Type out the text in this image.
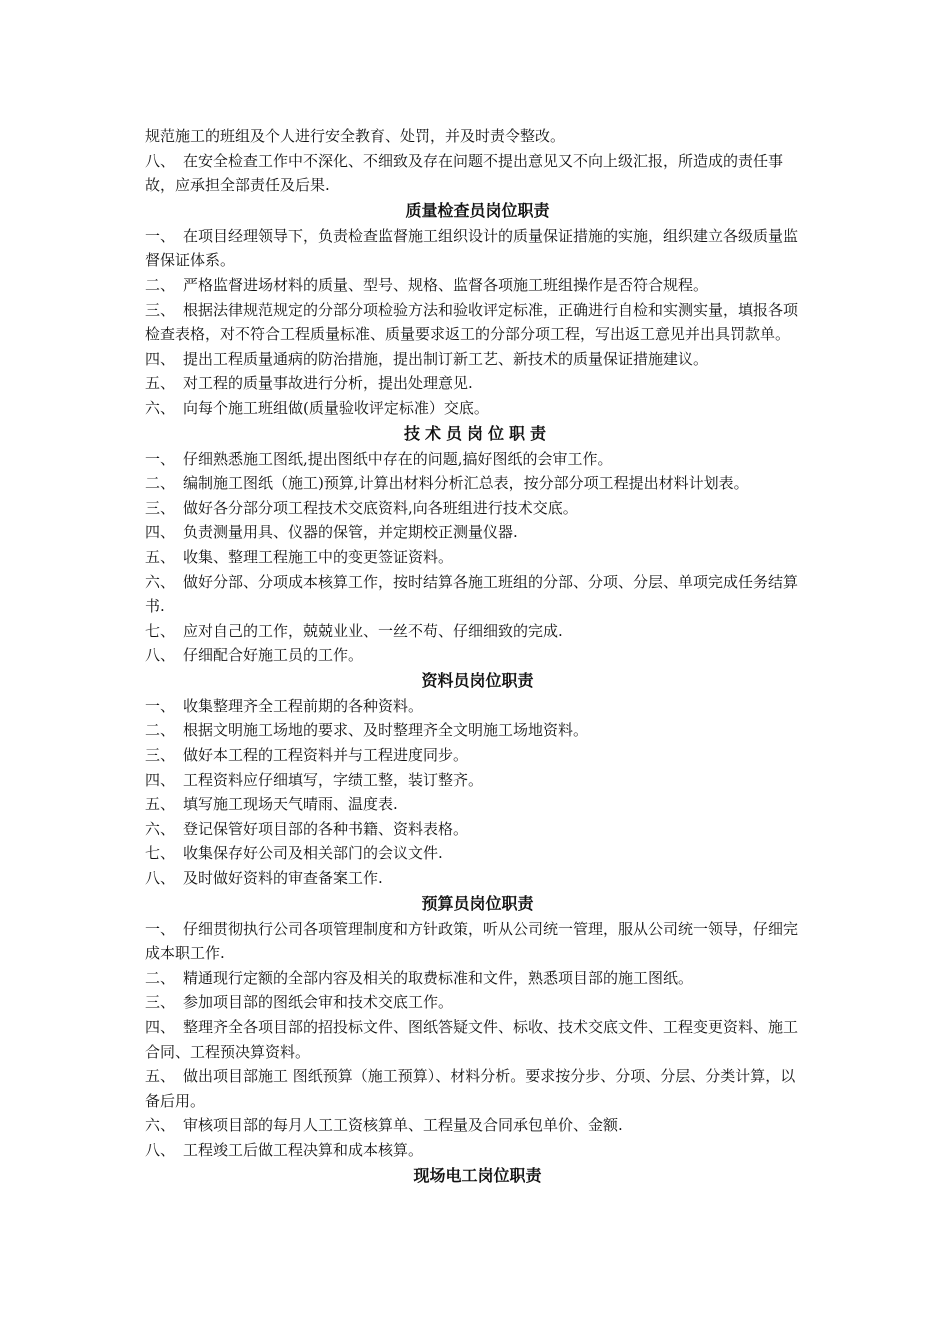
规范施工的班组及个人进行安全教育、处罚，并及时责令整改。
八、 在安全检查工作中不深化、不细致及存在问题不提出意见又不向上级汇报，所造成的责任事故，应承担全部责任及后果.
质量检查员岗位职责
一、 在项目经理领导下，负责检查监督施工组织设计的质量保证措施的实施，组织建立各级质量监督保证体系。
二、 严格监督进场材料的质量、型号、规格、监督各项施工班组操作是否符合规程。
三、 根据法律规范规定的分部分项检验方法和验收评定标准，正确进行自检和实测实量，填报各项检查表格，对不符合工程质量标准、质量要求返工的分部分项工程，写出返工意见并出具罚款单。
四、 提出工程质量通病的防治措施，提出制订新工艺、新技术的质量保证措施建议。
五、 对工程的质量事故进行分析，提出处理意见.
六、 向每个施工班组做(质量验收评定标准）交底。
技术员岗位职责
一、 仔细熟悉施工图纸,提出图纸中存在的问题,搞好图纸的会审工作。
二、 编制施工图纸（施工)预算,计算出材料分析汇总表，按分部分项工程提出材料计划表。
三、 做好各分部分项工程技术交底资料,向各班组进行技术交底。
四、 负责测量用具、仪器的保管，并定期校正测量仪器.
五、 收集、整理工程施工中的变更签证资料。
六、 做好分部、分项成本核算工作，按时结算各施工班组的分部、分项、分层、单项完成任务结算书.
七、 应对自己的工作，兢兢业业、一丝不苟、仔细细致的完成.
八、 仔细配合好施工员的工作。
资料员岗位职责
一、 收集整理齐全工程前期的各种资料。
二、 根据文明施工场地的要求、及时整理齐全文明施工场地资料。
三、 做好本工程的工程资料并与工程进度同步。
四、 工程资料应仔细填写，字绩工整，装订整齐。
五、 填写施工现场天气晴雨、温度表.
六、 登记保管好项目部的各种书籍、资料表格。
七、 收集保存好公司及相关部门的会议文件.
八、 及时做好资料的审查备案工作.
预算员岗位职责
一、 仔细贯彻执行公司各项管理制度和方针政策，听从公司统一管理，服从公司统一领导，仔细完成本职工作.
二、 精通现行定额的全部内容及相关的取费标准和文件，熟悉项目部的施工图纸。
三、 参加项目部的图纸会审和技术交底工作。
四、 整理齐全各项目部的招投标文件、图纸答疑文件、标收、技术交底文件、工程变更资料、施工合同、工程预决算资料。
五、 做出项目部施工 图纸预算（施工预算）、材料分析。要求按分步、分项、分层、分类计算，以备后用。
六、 审核项目部的每月人工工资核算单、工程量及合同承包单价、金额.
八、 工程竣工后做工程决算和成本核算。
现场电工岗位职责
